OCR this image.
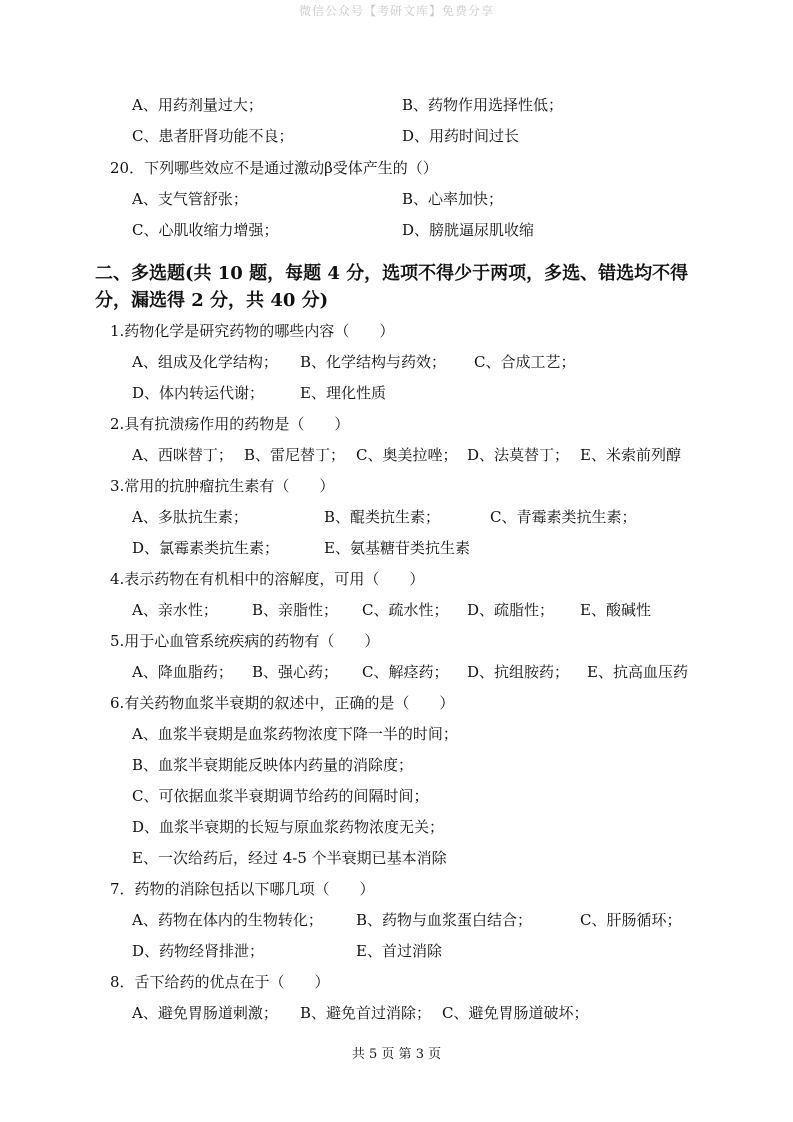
微信公众号【考研文库】免费分享
A、用药剂量过大；	B、药物作用选择性低；
C、患者肝肾功能不良；	D、用药时间过长
20．下列哪些效应不是通过激动β受体产生的（）
A、支气管舒张；	B、心率加快；
C、心肌收缩力增强；	D、膀胱逼尿肌收缩
二、多选题(共 10 题，每题 4 分，选项不得少于两项，多选、错选均不得
分，漏选得 2 分，共 40 分)
1.药物化学是研究药物的哪些内容（　　）
A、组成及化学结构； B、化学结构与药效； C、合成工艺；
D、体内转运代谢； E、理化性质
2.具有抗溃疡作用的药物是（　　）
A、西咪替丁； B、雷尼替丁； C、奥美拉唑； D、法莫替丁； E、米索前列醇
3.常用的抗肿瘤抗生素有（　　）
A、多肽抗生素；	B、醌类抗生素；	C、青霉素类抗生素；
D、氯霉素类抗生素；	E、氨基糖苷类抗生素
4.表示药物在有机相中的溶解度，可用（　　）
A、亲水性； B、亲脂性； C、疏水性； D、疏脂性； E、酸碱性
5.用于心血管系统疾病的药物有（　　）
A、降血脂药； B、强心药； C、解痉药； D、抗组胺药； E、抗高血压药
6.有关药物血浆半衰期的叙述中，正确的是（　　）
A、血浆半衰期是血浆药物浓度下降一半的时间；
B、血浆半衰期能反映体内药量的消除度；
C、可依据血浆半衰期调节给药的间隔时间；
D、血浆半衰期的长短与原血浆药物浓度无关；
E、一次给药后，经过 4-5 个半衰期已基本消除
7．药物的消除包括以下哪几项（　　）
A、药物在体内的生物转化； B、药物与血浆蛋白结合；	C、肝肠循环；
D、药物经肾排泄；	E、首过消除
8．舌下给药的优点在于（　　）
A、避免胃肠道刺激； B、避免首过消除； C、避免胃肠道破坏；
共 5 页 第 3 页
